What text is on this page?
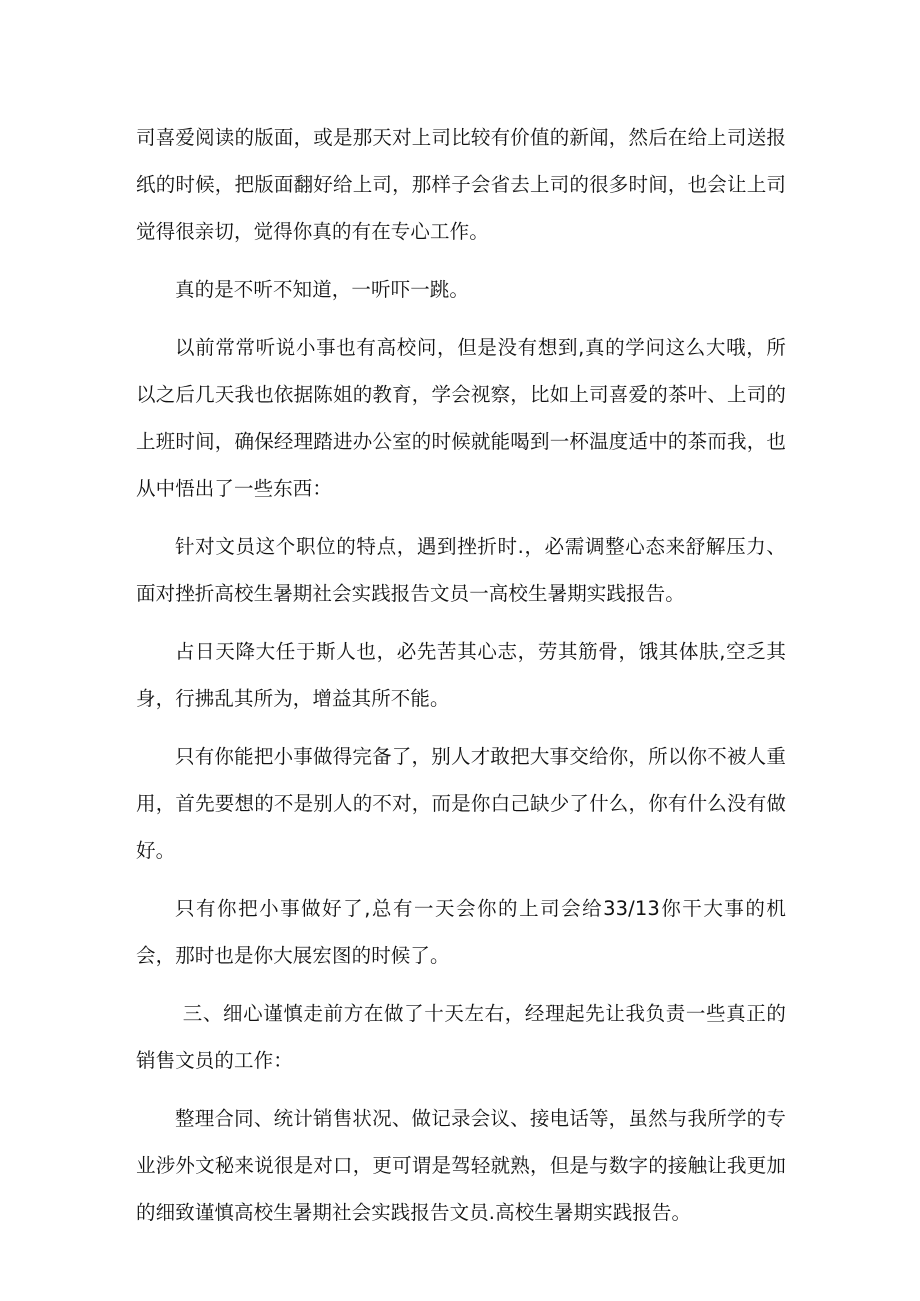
司喜爱阅读的版面，或是那天对上司比较有价值的新闻，然后在给上司送报纸的时候，把版面翻好给上司，那样子会省去上司的很多时间，也会让上司觉得很亲切，觉得你真的有在专心工作。

真的是不听不知道，一听吓一跳。

以前常常听说小事也有高校问，但是没有想到,真的学问这么大哦，所以之后几天我也依据陈姐的教育，学会视察，比如上司喜爱的茶叶、上司的上班时间，确保经理踏进办公室的时候就能喝到一杯温度适中的茶而我，也从中悟出了一些东西：

针对文员这个职位的特点，遇到挫折时.，必需调整心态来舒解压力、面对挫折高校生暑期社会实践报告文员一高校生暑期实践报告。

占日天降大任于斯人也，必先苦其心志，劳其筋骨，饿其体肤,空乏其身，行拂乱其所为，增益其所不能。

只有你能把小事做得完备了，别人才敢把大事交给你，所以你不被人重用，首先要想的不是别人的不对，而是你白己缺少了什么，你有什么没有做好。

只有你把小事做好了,总有一天会你的上司会给33/13你干大事的机会，那时也是你大展宏图的时候了。

三、细心谨慎走前方在做了十天左右，经理起先让我负责一些真正的销售文员的工作：

整理合同、统计销售状况、做记录会议、接电话等，虽然与我所学的专业涉外文秘来说很是对口，更可谓是驾轻就熟，但是与数字的接触让我更加的细致谨慎高校生暑期社会实践报告文员.高校生暑期实践报告。
